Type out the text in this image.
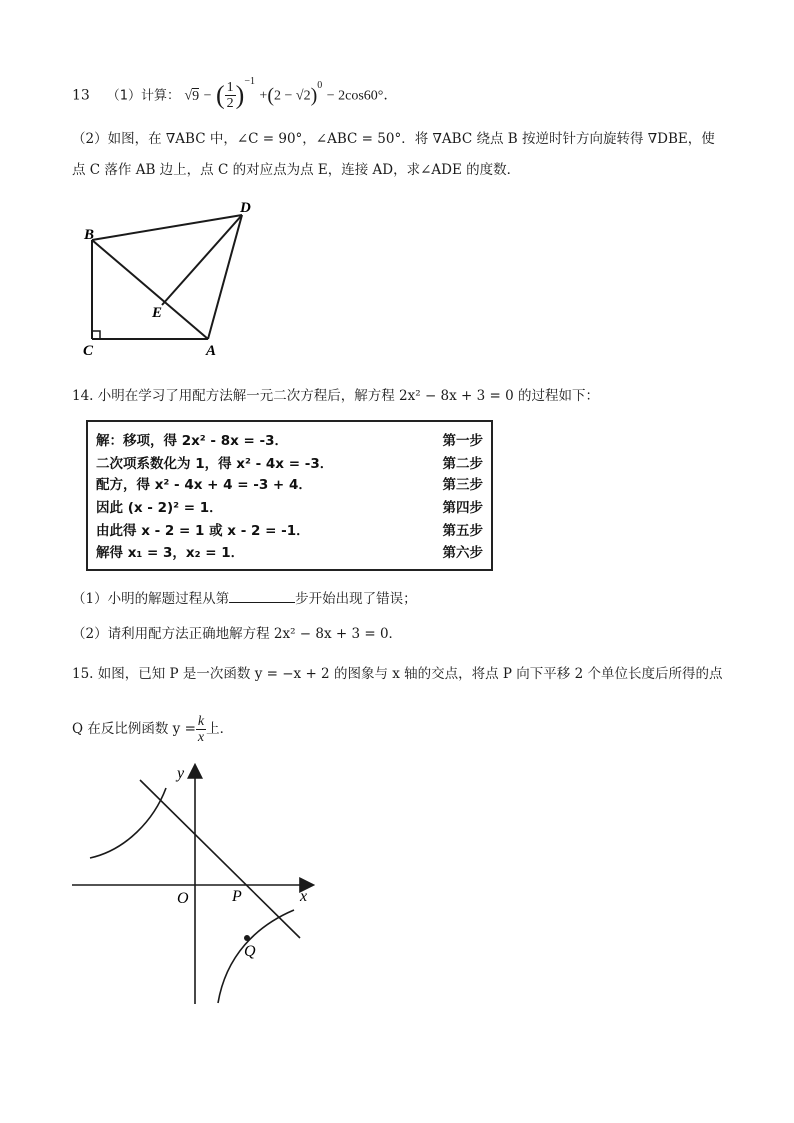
13 （1）计算： √9 − ( $\frac{1}{2} )^{-1} +(2 - √2)^0 - 2\cos 60^\circ$.
（2）如图，在 ∇ABC 中，∠C = 90°，∠ABC = 50°．将 ∇ABC 绕点 B 按逆时针方向旋转得 ∇DBE，使
点 C 落作 AB 边上，点 C 的对应点为点 E，连接 AD，求∠ADE 的度数．
B
D
E
C	A
14. 小明在学习了用配方法解一元二次方程后，解方程 2x² − 8x + 3 = 0 的过程如下：
解：移项，得 2x² - 8x = -3．	第一步
二次项系数化为 1，得 x² - 4x = -3．	第二步
配方，得 x² - 4x + 4 = -3 + 4．	第三步
因此 (x - 2)² = 1．	第四步
由此得 x - 2 = 1 或 x - 2 = -1．	第五步
解得 x₁ = 3，x₂ = 1．	第六步
（1）小明的解题过程从第	步开始出现了错误；
（2）请利用配方法正确地解方程 2x² − 8x + 3 = 0．
15. 如图，已知 P 是一次函数 y = −x + 2 的图象与 x 轴的交点，将点 P 向下平移 2 个单位长度后所得的点
Q 在反比例函数 $y = \frac{k}{x}$ 上．
y
x
O	P
Q
